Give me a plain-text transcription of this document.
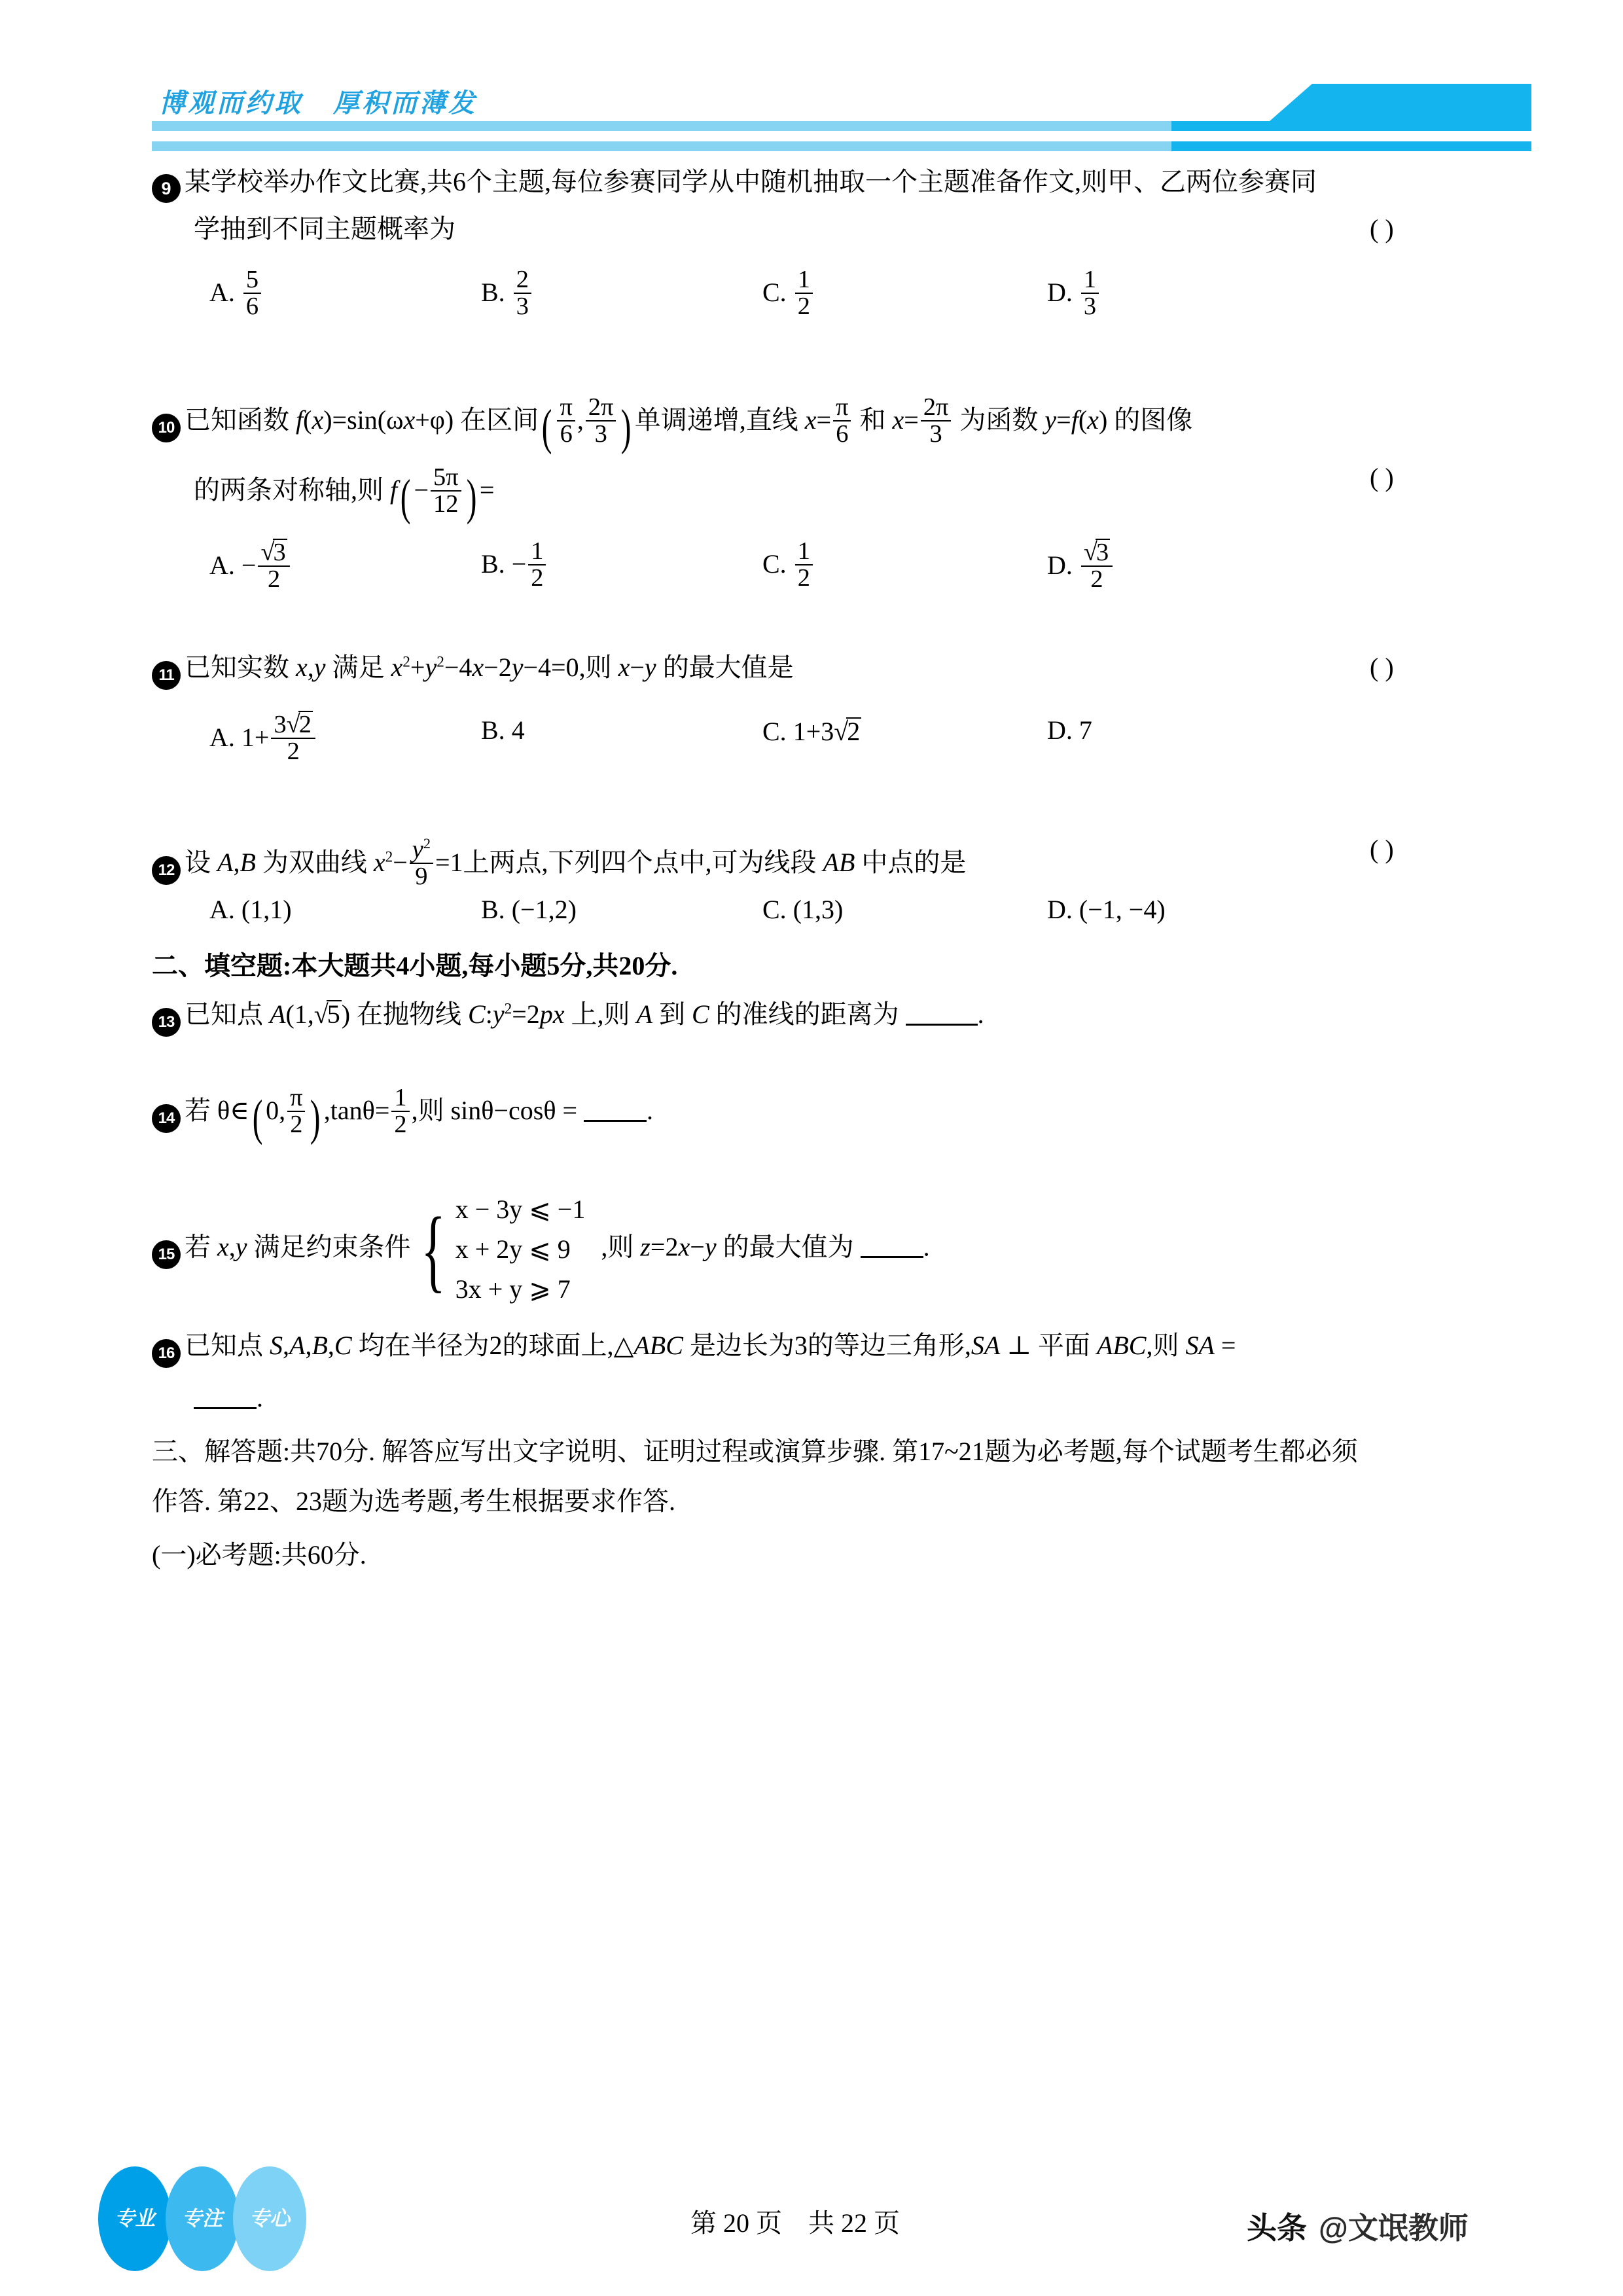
博观而约取 厚积而薄发
9 某学校举办作文比赛,共6个主题,每位参赛同学从中随机抽取一个主题准备作文,则甲、乙两位参赛同
学抽到不同主题概率为	( )
A. $\frac{5}{6}$	B. $\frac{2}{3}$	C. $\frac{1}{2}$	D. $\frac{1}{3}$
10 已知函数 f(x)=sin(ωx+φ) 在区间( $\frac{\pi}{6}$ , $\frac{2\pi}{3}$ ) 单调递增,直线 $x= \frac{\pi}{6}$ 和 $x= \frac{2\pi}{3}$ 为函数 y=f(x) 的图像
的两条对称轴,则 $f( - \frac{5\pi}{12}$ ) =	( )
A. − $\frac{√3}{2}$	B. − $\frac{1}{2}$	C. $\frac{1}{2}$	D. $\frac{√3}{2}$
11 已知实数 x,y 满足 $x^2+y^2-4x-2y-4=0$,则 x−y 的最大值是	( )
A. $1+ \frac{3√2}{2}$	B. 4	C. 1+3√2	D. 7
12 设 A,B 为双曲线 $x^2- \frac{y^2}{9} =1$上两点,下列四个点中,可为线段 AB 中点的是	( )
A. (1,1)	B. (−1,2)	C. (1,3)	D. (−1, −4)
二、填空题:本大题共4小题,每小题5分,共20分.
13 已知点 A(1,√5) 在抛物线 $C:y^2=2px$ 上,则 A 到 C 的准线的距离为	.
14 若 θ∈( 0, $\frac{\pi}{2}$ ) $,\tan\theta= \frac{1}{2}$ ,则 sinθ−cosθ =	.
15 若 x,y 满足约束条件 { x − 3y ⩽ −1
x + 2y ⩽ 9
3x + y ⩾ 7
,则 z=2x−y 的最大值为	.
16 已知点 S,A,B,C 均在半径为2的球面上,△ABC 是边长为3的等边三角形,SA ⊥ 平面 ABC,则 SA =
.
三、解答题:共70分. 解答应写出文字说明、证明过程或演算步骤. 第17~21题为必考题,每个试题考生都必须
作答. 第22、23题为选考题,考生根据要求作答.
(一)必考题:共60分.
专业	专注	专心	第 20 页 共 22 页	头条 @文氓教师
